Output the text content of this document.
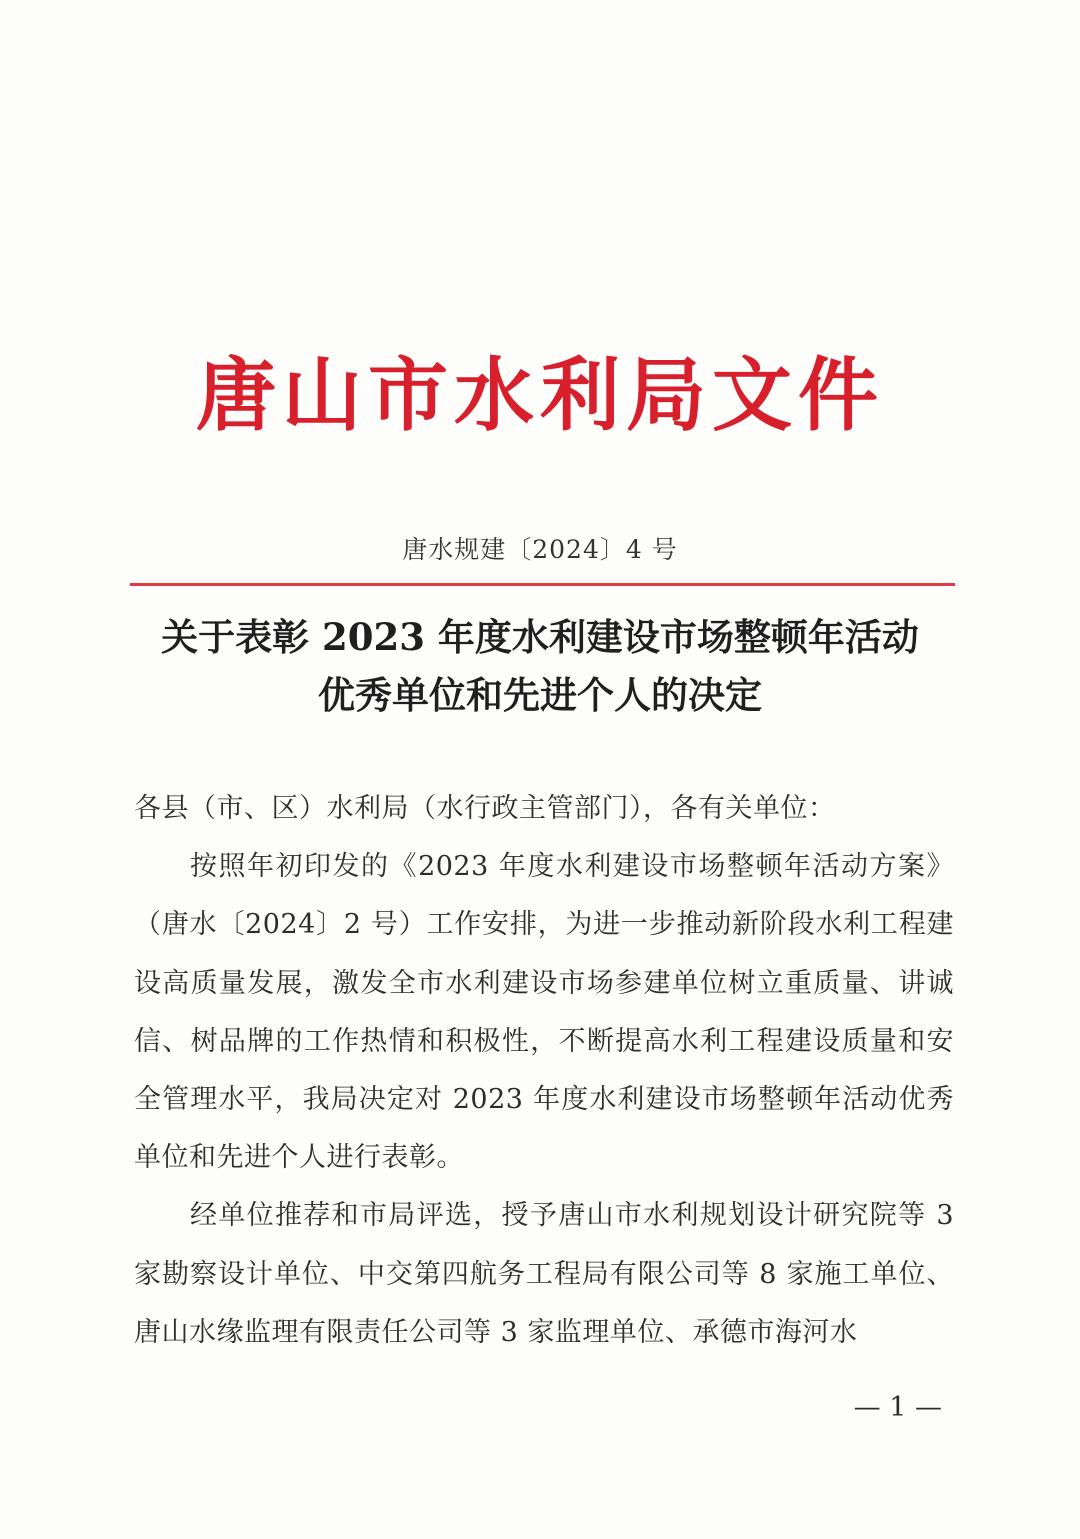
唐山市水利局文件
唐水规建〔2024〕4 号
关于表彰 2023 年度水利建设市场整顿年活动
优秀单位和先进个人的决定

各县（市、区）水利局（水行政主管部门），各有关单位：

按照年初印发的《2023 年度水利建设市场整顿年活动方案》（唐水〔2024〕2 号）工作安排，为进一步推动新阶段水利工程建设高质量发展，激发全市水利建设市场参建单位树立重质量、讲诚信、树品牌的工作热情和积极性，不断提高水利工程建设质量和安全管理水平，我局决定对 2023 年度水利建设市场整顿年活动优秀单位和先进个人进行表彰。

经单位推荐和市局评选，授予唐山市水利规划设计研究院等 3 家勘察设计单位、中交第四航务工程局有限公司等 8 家施工单位、唐山水缘监理有限责任公司等 3 家监理单位、承德市海河水

— 1 —
